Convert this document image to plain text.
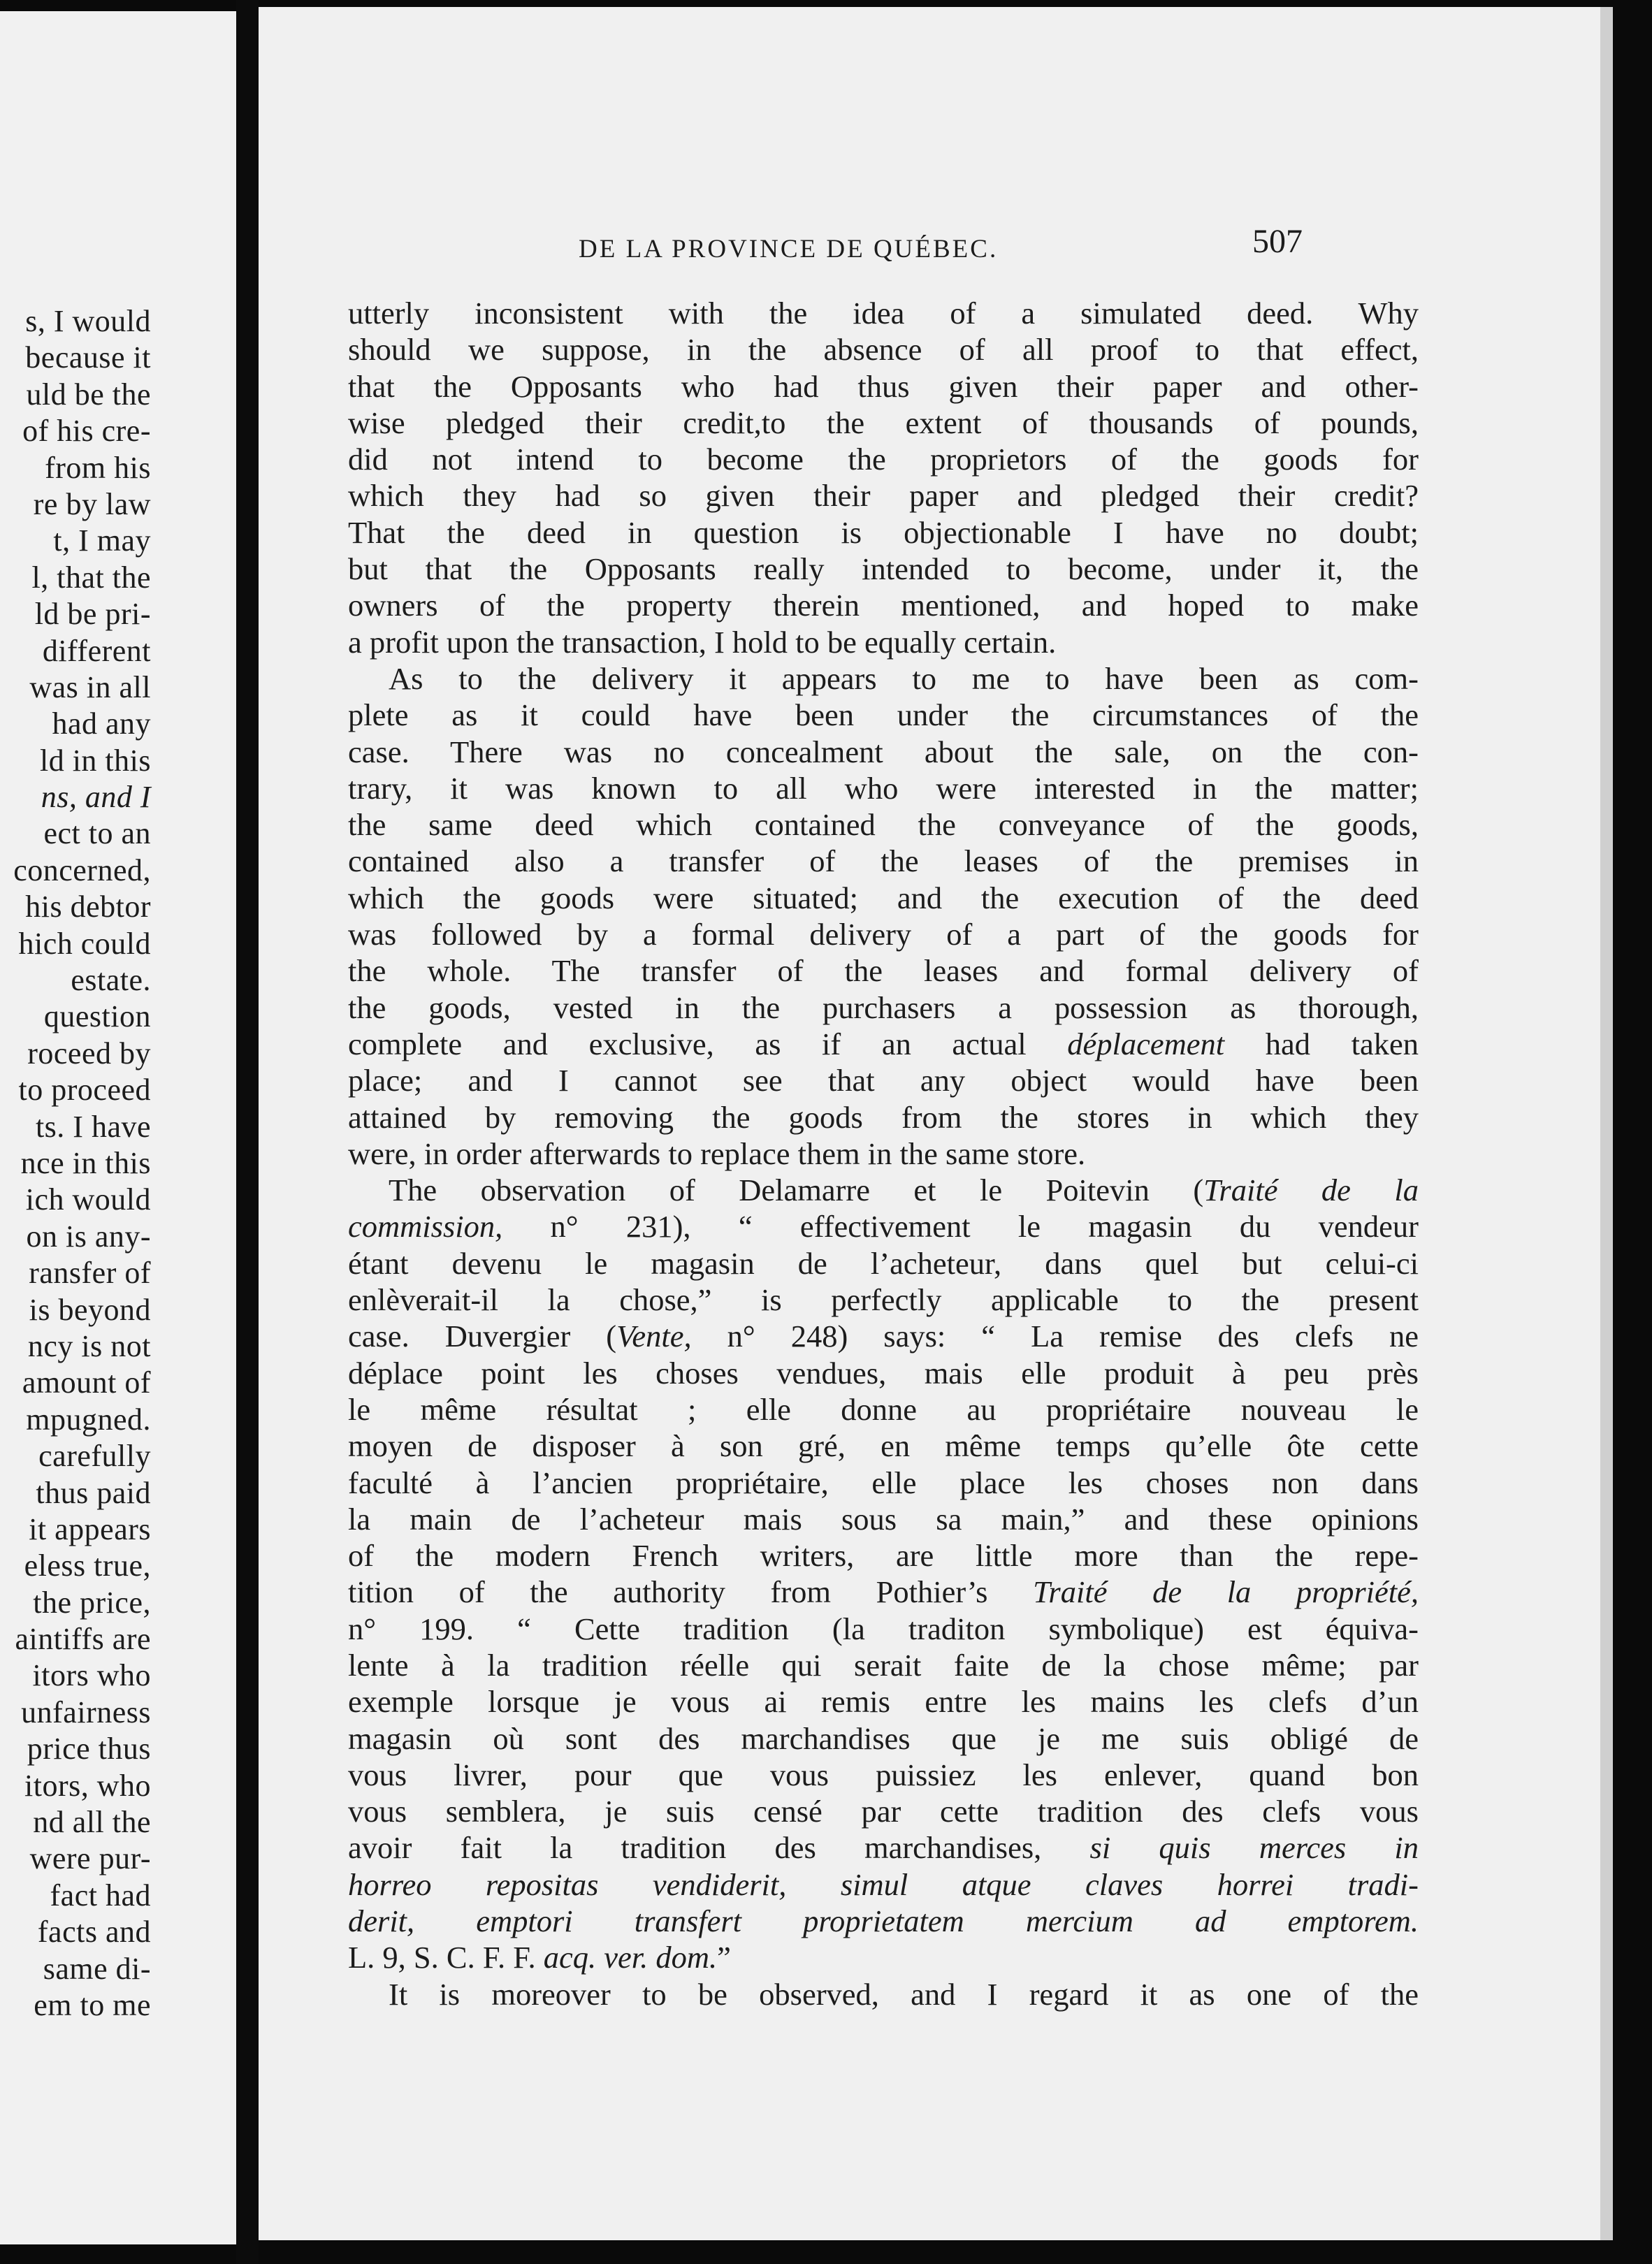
s, I would
because it
uld be the
of his cre-
from his
re by law
t, I may
l, that the
ld be pri-
different
was in all
had any
ld in this
ns, and I
ect to an
concerned,
his debtor
hich could
estate.
question
roceed by
to proceed
ts. I have
nce in this
ich would
on is any-
ransfer of
is beyond
ncy is not
amount of
mpugned.
carefully
thus paid
it appears
eless true,
the price,
aintiffs are
itors who
unfairness
price thus
itors, who
nd all the
were pur-
fact had
facts and
same di-
em to me
DE LA PROVINCE DE QUÉBEC.	507
utterly inconsistent with the idea of a simulated deed. Why
should we suppose, in the absence of all proof to that effect,
that the Opposants who had thus given their paper and other-
wise pledged their credit,to the extent of thousands of pounds,
did not intend to become the proprietors of the goods for
which they had so given their paper and pledged their credit?
That the deed in question is objectionable I have no doubt;
but that the Opposants really intended to become, under it, the
owners of the property therein mentioned, and hoped to make
a profit upon the transaction, I hold to be equally certain.
As to the delivery it appears to me to have been as com-
plete as it could have been under the circumstances of the
case. There was no concealment about the sale, on the con-
trary, it was known to all who were interested in the matter;
the same deed which contained the conveyance of the goods,
contained also a transfer of the leases of the premises in
which the goods were situated; and the execution of the deed
was followed by a formal delivery of a part of the goods for
the whole. The transfer of the leases and formal delivery of
the goods, vested in the purchasers a possession as thorough,
complete and exclusive, as if an actual déplacement had taken
place; and I cannot see that any object would have been
attained by removing the goods from the stores in which they
were, in order afterwards to replace them in the same store.
The observation of Delamarre et le Poitevin (Traité de la
commission, n° 231), “ effectivement le magasin du vendeur
étant devenu le magasin de l’acheteur, dans quel but celui-ci
enlèverait-il la chose,” is perfectly applicable to the present
case. Duvergier (Vente, n° 248) says: “ La remise des clefs ne
déplace point les choses vendues, mais elle produit à peu près
le même résultat ; elle donne au propriétaire nouveau le
moyen de disposer à son gré, en même temps qu’elle ôte cette
faculté à l’ancien propriétaire, elle place les choses non dans
la main de l’acheteur mais sous sa main,” and these opinions
of the modern French writers, are little more than the repe-
tition of the authority from Pothier’s Traité de la propriété,
n° 199. “ Cette tradition (la traditon symbolique) est équiva-
lente à la tradition réelle qui serait faite de la chose même; par
exemple lorsque je vous ai remis entre les mains les clefs d’un
magasin où sont des marchandises que je me suis obligé de
vous livrer, pour que vous puissiez les enlever, quand bon
vous semblera, je suis censé par cette tradition des clefs vous
avoir fait la tradition des marchandises, si quis merces in
horreo repositas vendiderit, simul atque claves horrei tradi-
derit, emptori transfert proprietatem mercium ad emptorem.
L. 9, S. C. F. F. acq. ver. dom.”
It is moreover to be observed, and I regard it as one of the
